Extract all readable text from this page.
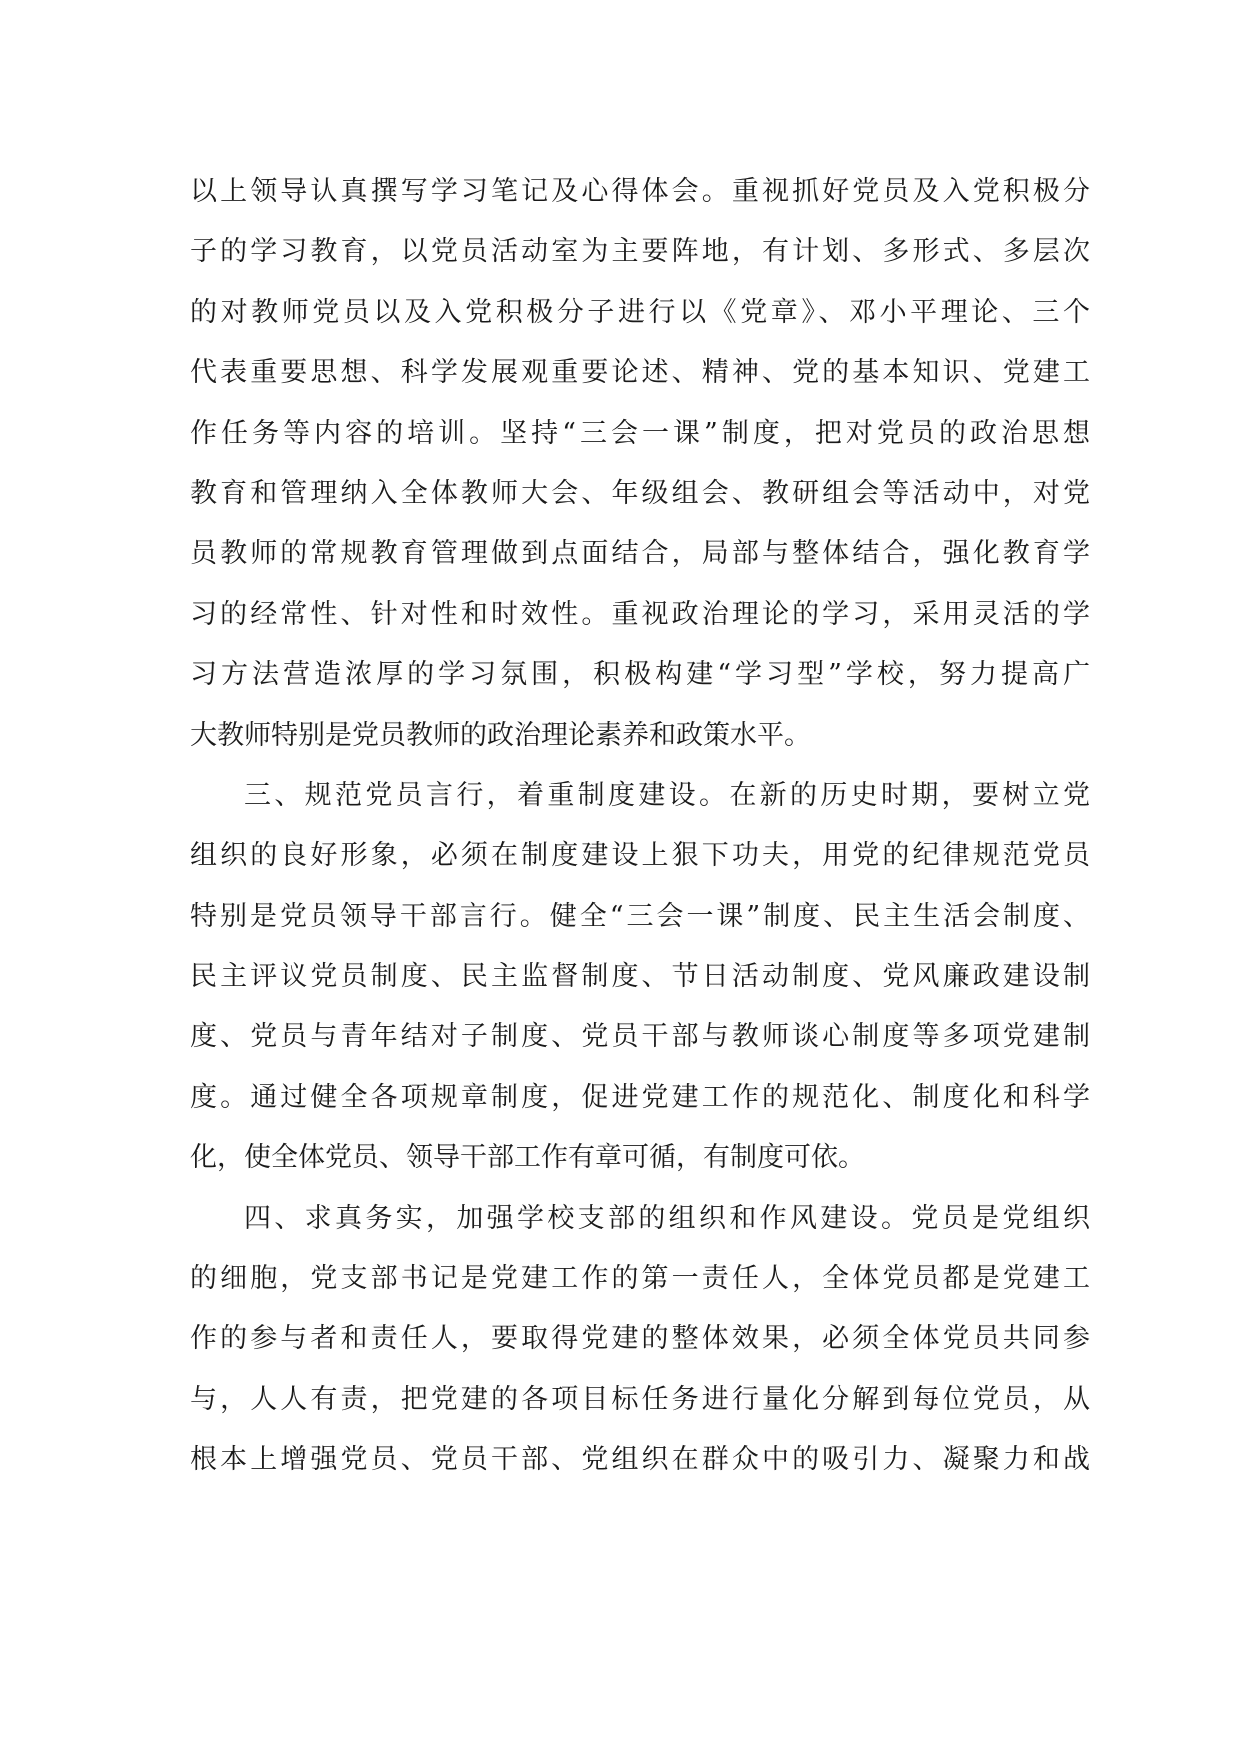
以上领导认真撰写学习笔记及心得体会。重视抓好党员及入党积极分
子的学习教育，以党员活动室为主要阵地，有计划、多形式、多层次
的对教师党员以及入党积极分子进行以《党章》、邓小平理论、三个
代表重要思想、科学发展观重要论述、精神、党的基本知识、党建工
作任务等内容的培训。坚持“三会一课”制度，把对党员的政治思想
教育和管理纳入全体教师大会、年级组会、教研组会等活动中，对党
员教师的常规教育管理做到点面结合，局部与整体结合，强化教育学
习的经常性、针对性和时效性。重视政治理论的学习，采用灵活的学
习方法营造浓厚的学习氛围，积极构建“学习型”学校，努力提高广
大教师特别是党员教师的政治理论素养和政策水平。
三、规范党员言行，着重制度建设。在新的历史时期，要树立党
组织的良好形象，必须在制度建设上狠下功夫，用党的纪律规范党员
特别是党员领导干部言行。健全“三会一课”制度、民主生活会制度、
民主评议党员制度、民主监督制度、节日活动制度、党风廉政建设制
度、党员与青年结对子制度、党员干部与教师谈心制度等多项党建制
度。通过健全各项规章制度，促进党建工作的规范化、制度化和科学
化，使全体党员、领导干部工作有章可循，有制度可依。
四、求真务实，加强学校支部的组织和作风建设。党员是党组织
的细胞，党支部书记是党建工作的第一责任人，全体党员都是党建工
作的参与者和责任人，要取得党建的整体效果，必须全体党员共同参
与，人人有责，把党建的各项目标任务进行量化分解到每位党员，从
根本上增强党员、党员干部、党组织在群众中的吸引力、凝聚力和战
